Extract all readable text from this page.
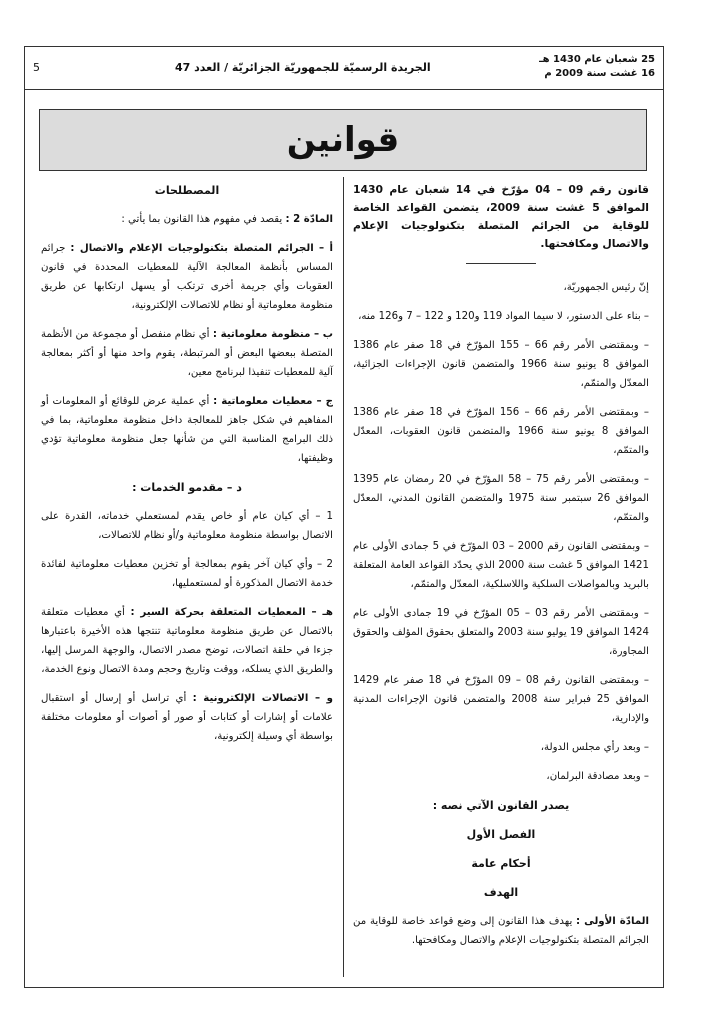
5	الجريدة الرسميّة للجمهوريّة الجزائريّة / العدد 47
25 شعبان عام 1430 هـ
16 غشت سنة 2009 م
قوانين

قانون رقم 09 – 04 مؤرّخ في 14 شعبان عام 1430 الموافق 5 غشت سنة 2009، يتضمن القواعد الخاصة للوقاية من الجرائم المتصلة بتكنولوجيات الإعلام والاتصال ومكافحتها.

إنّ رئيس الجمهوريّة،

– بناء على الدستور، لا سيما المواد 119 و120 و 122 – 7 و126 منه،

– وبمقتضى الأمر رقم 66 – 155 المؤرّخ في 18 صفر عام 1386 الموافق 8 يونيو سنة 1966 والمتضمن قانون الإجراءات الجزائية، المعدّل والمتمّم،

– وبمقتضى الأمر رقم 66 – 156 المؤرّخ في 18 صفر عام 1386 الموافق 8 يونيو سنة 1966 والمتضمن قانون العقوبات، المعدّل والمتمّم،

– وبمقتضى الأمر رقم 75 – 58 المؤرّخ في 20 رمضان عام 1395 الموافق 26 سبتمبر سنة 1975 والمتضمن القانون المدني، المعدّل والمتمّم،

– وبمقتضى القانون رقم 2000 – 03 المؤرّخ في 5 جمادى الأولى عام 1421 الموافق 5 غشت سنة 2000 الذي يحدّد القواعد العامة المتعلقة بالبريد وبالمواصلات السلكية واللاسلكية، المعدّل والمتمّم،

– وبمقتضى الأمر رقم 03 – 05 المؤرّخ في 19 جمادى الأولى عام 1424 الموافق 19 يوليو سنة 2003 والمتعلق بحقوق المؤلف والحقوق المجاورة،

– وبمقتضى القانون رقم 08 – 09 المؤرّخ في 18 صفر عام 1429 الموافق 25 فبراير سنة 2008 والمتضمن قانون الإجراءات المدنية والإدارية،

– وبعد رأي مجلس الدولة،

– وبعد مصادقة البرلمان،

يصدر القانون الآتي نصه :

الفصل الأول

أحكام عامة

الهدف

المادّة الأولى : يهدف هذا القانون إلى وضع قواعد خاصة للوقاية من الجرائم المتصلة بتكنولوجيات الإعلام والاتصال ومكافحتها.

المصطلحات

المادّة 2 : يقصد في مفهوم هذا القانون بما يأتي :

أ – الجرائم المتصلة بتكنولوجيات الإعلام والاتصال : جرائم المساس بأنظمة المعالجة الآلية للمعطيات المحددة في قانون العقوبات وأي جريمة أخرى ترتكب أو يسهل ارتكابها عن طريق منظومة معلوماتية أو نظام للاتصالات الإلكترونية،

ب – منظومة معلوماتية : أي نظام منفصل أو مجموعة من الأنظمة المتصلة ببعضها البعض أو المرتبطة، يقوم واحد منها أو أكثر بمعالجة آلية للمعطيات تنفيذا لبرنامج معين،

ج – معطيات معلوماتية : أي عملية عرض للوقائع أو المعلومات أو المفاهيم في شكل جاهز للمعالجة داخل منظومة معلوماتية، بما في ذلك البرامج المناسبة التي من شأنها جعل منظومة معلوماتية تؤدي وظيفتها،

د – مقدمو الخدمات :

1 – أي كيان عام أو خاص يقدم لمستعملي خدماته، القدرة على الاتصال بواسطة منظومة معلوماتية و/أو نظام للاتصالات،

2 – وأي كيان آخر يقوم بمعالجة أو تخزين معطيات معلوماتية لفائدة خدمة الاتصال المذكورة أو لمستعمليها،

هـ – المعطيات المتعلقة بحركة السير : أي معطيات متعلقة بالاتصال عن طريق منظومة معلوماتية تنتجها هذه الأخيرة باعتبارها جزءا في حلقة اتصالات، توضح مصدر الاتصال، والوجهة المرسل إليها، والطريق الذي يسلكه، ووقت وتاريخ وحجم ومدة الاتصال ونوع الخدمة،

و – الاتصالات الإلكترونية : أي تراسل أو إرسال أو استقبال علامات أو إشارات أو كتابات أو صور أو أصوات أو معلومات مختلفة بواسطة أي وسيلة إلكترونية،
